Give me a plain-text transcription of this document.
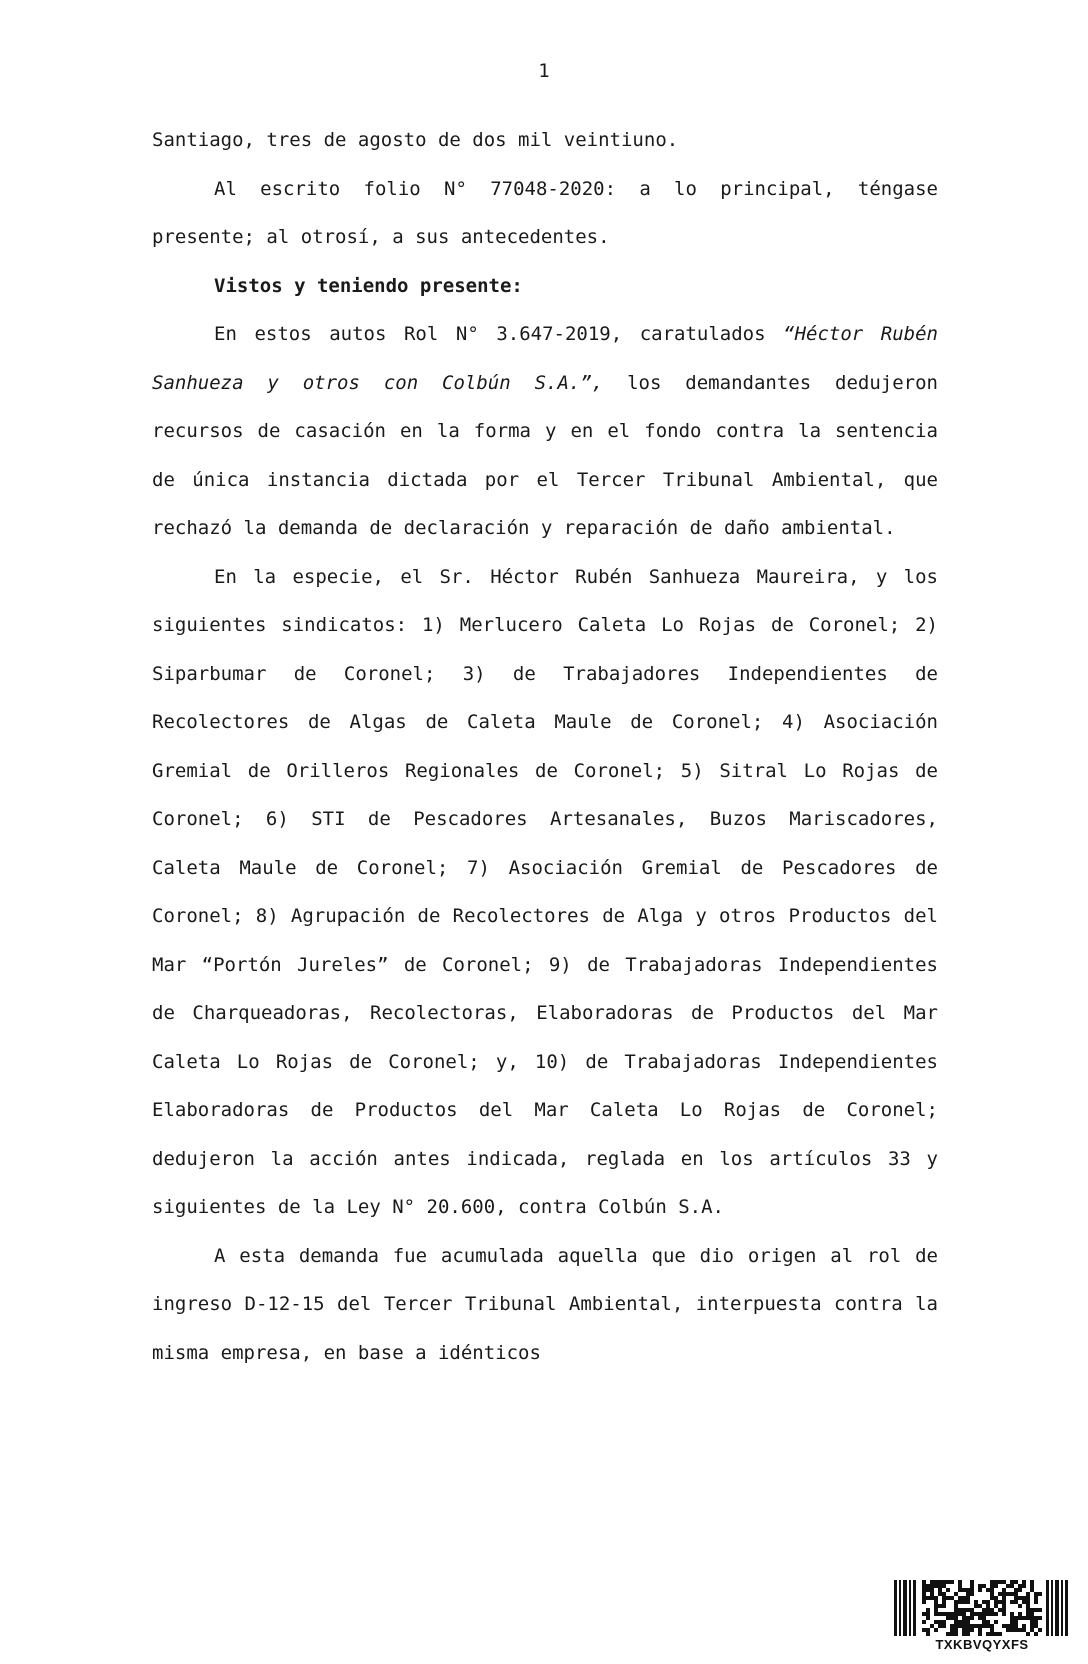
1

Santiago, tres de agosto de dos mil veintiuno.

Al escrito folio N° 77048-2020: a lo principal, téngase presente; al otrosí, a sus antecedentes.

Vistos y teniendo presente:

En estos autos Rol N° 3.647-2019, caratulados “Héctor Rubén Sanhueza y otros con Colbún S.A.”, los demandantes dedujeron recursos de casación en la forma y en el fondo contra la sentencia de única instancia dictada por el Tercer Tribunal Ambiental, que rechazó la demanda de declaración y reparación de daño ambiental.

En la especie, el Sr. Héctor Rubén Sanhueza Maureira, y los siguientes sindicatos: 1) Merlucero Caleta Lo Rojas de Coronel; 2) Siparbumar de Coronel; 3) de Trabajadores Independientes de Recolectores de Algas de Caleta Maule de Coronel; 4) Asociación Gremial de Orilleros Regionales de Coronel; 5) Sitral Lo Rojas de Coronel; 6) STI de Pescadores Artesanales, Buzos Mariscadores, Caleta Maule de Coronel; 7) Asociación Gremial de Pescadores de Coronel; 8) Agrupación de Recolectores de Alga y otros Productos del Mar “Portón Jureles” de Coronel; 9) de Trabajadoras Independientes de Charqueadoras, Recolectoras, Elaboradoras de Productos del Mar Caleta Lo Rojas de Coronel; y, 10) de Trabajadoras Independientes Elaboradoras de Productos del Mar Caleta Lo Rojas de Coronel; dedujeron la acción antes indicada, reglada en los artículos 33 y siguientes de la Ley N° 20.600, contra Colbún S.A.

A esta demanda fue acumulada aquella que dio origen al rol de ingreso D-12-15 del Tercer Tribunal Ambiental, interpuesta contra la misma empresa, en base a idénticos

TXKBVQYXFS
